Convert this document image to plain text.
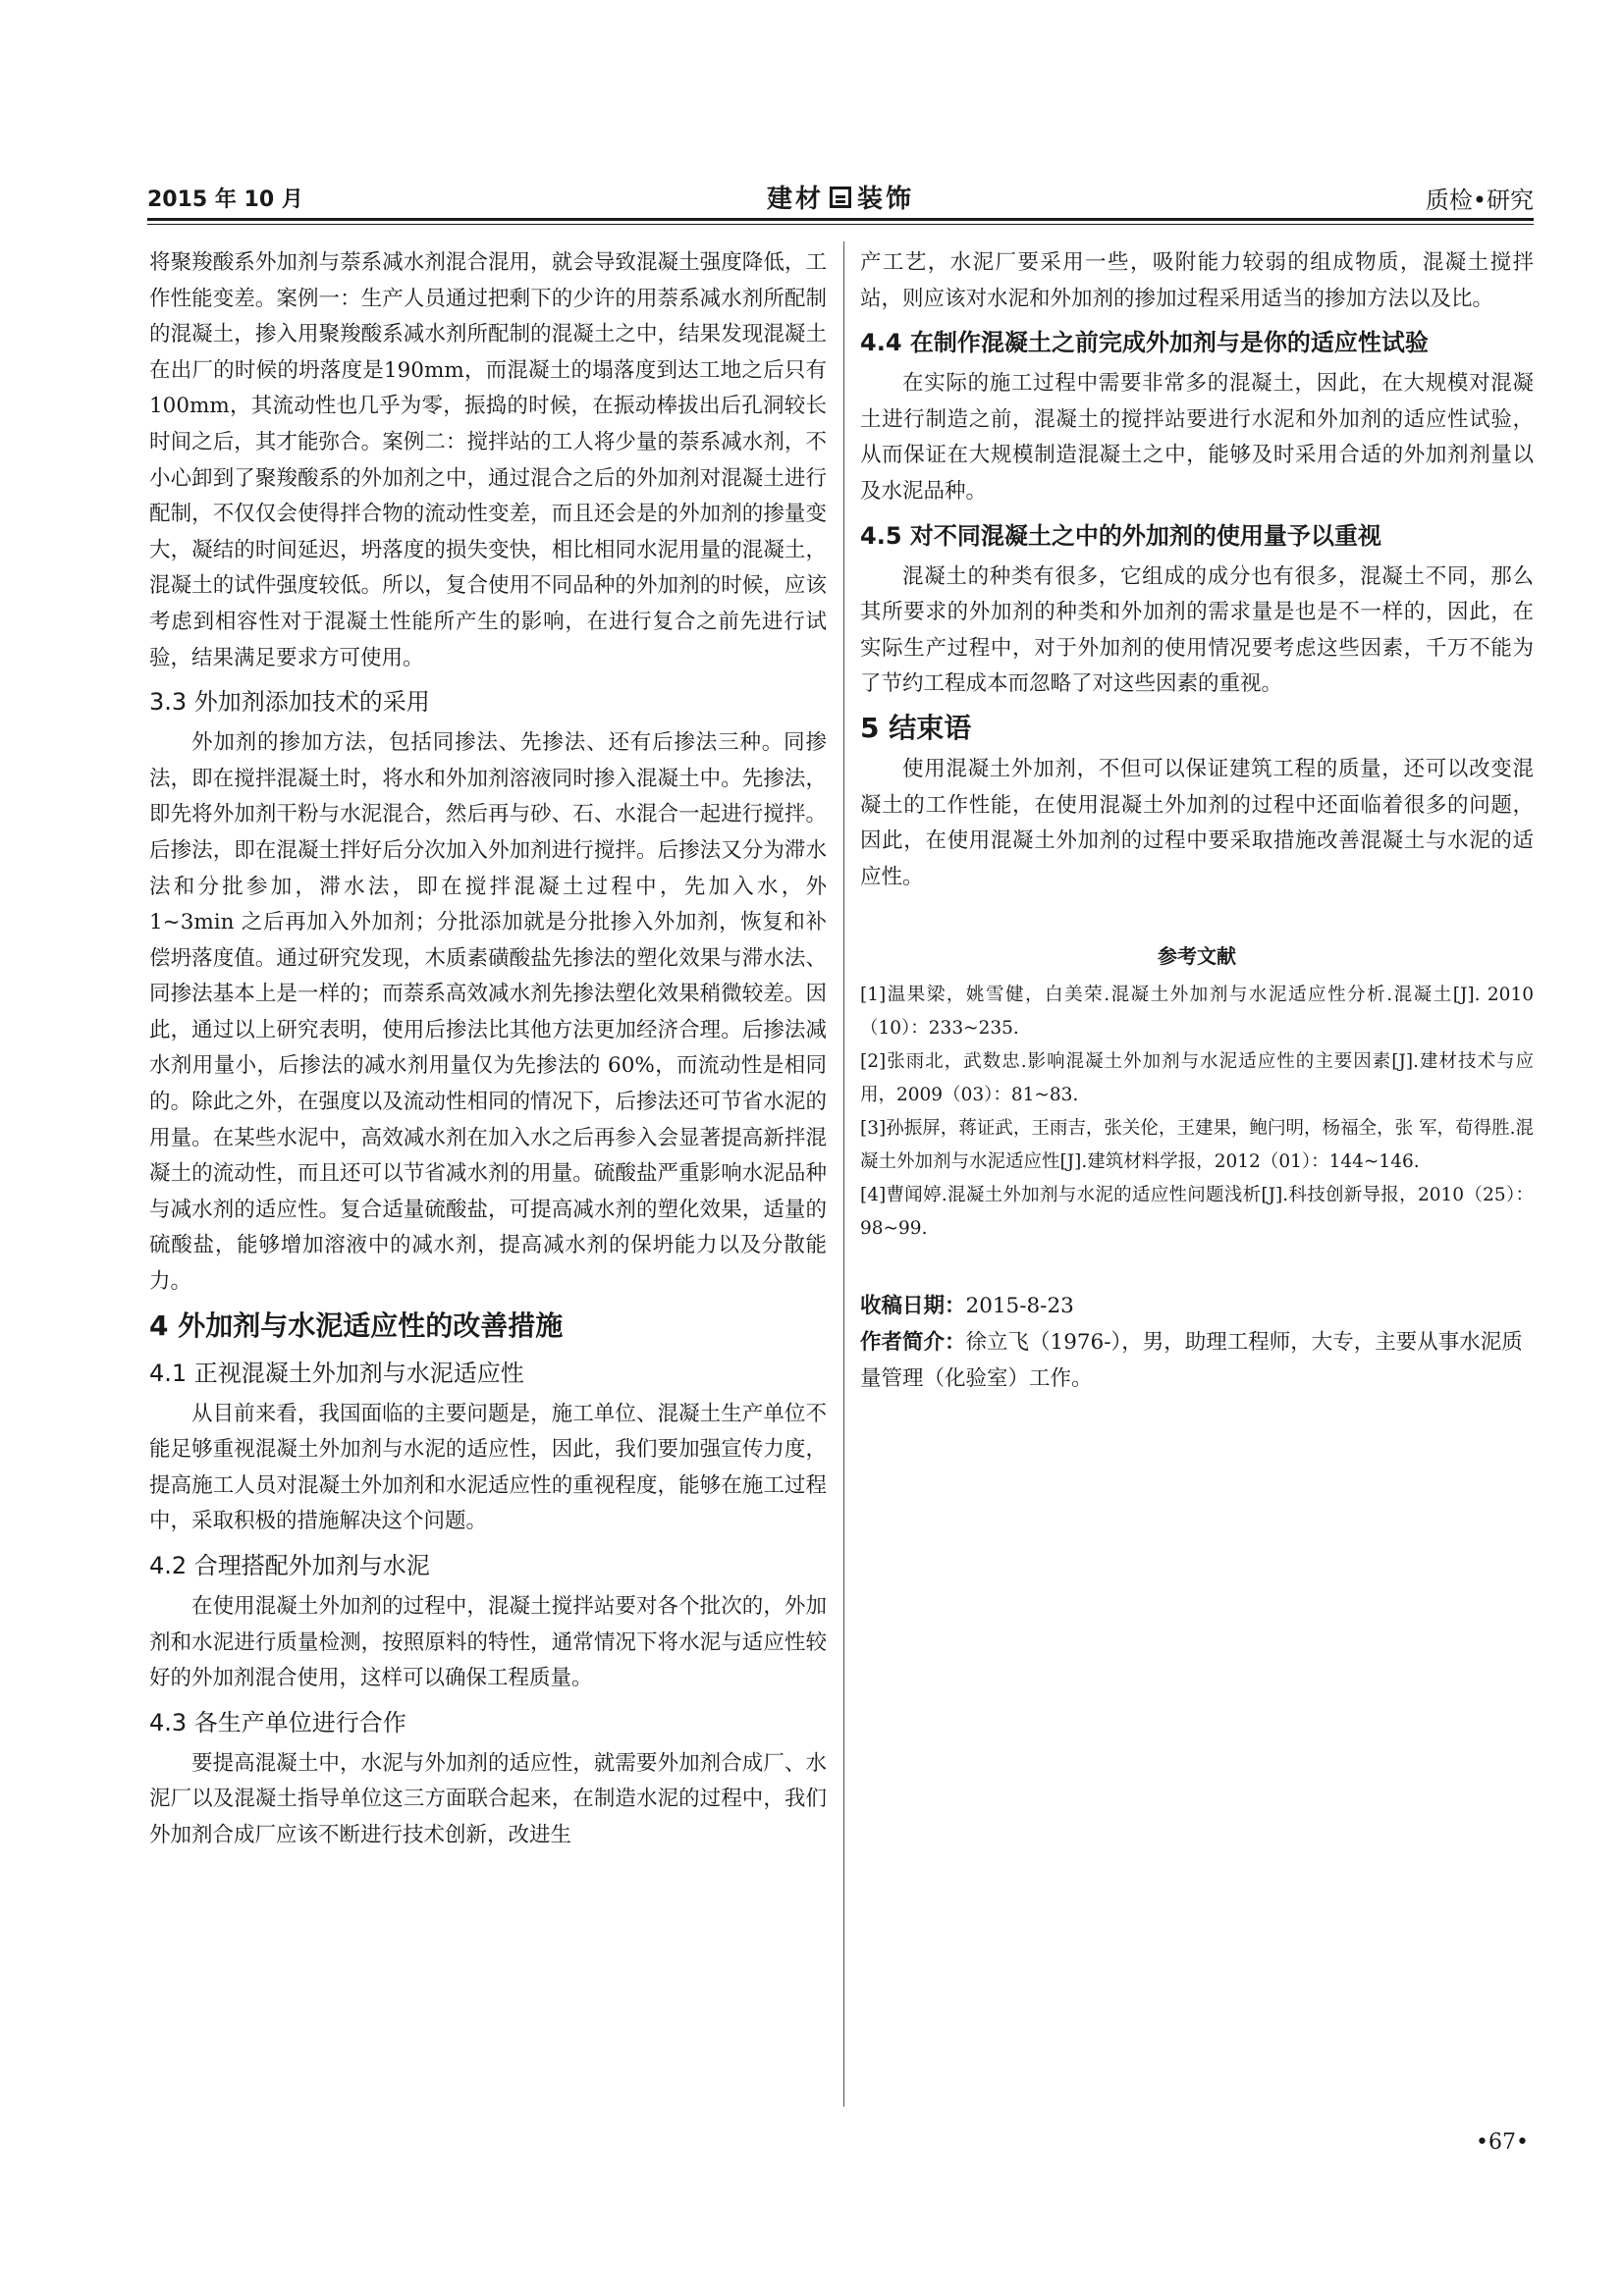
2015 年 10 月	建材 装饰	质检•研究

将聚羧酸系外加剂与萘系减水剂混合混用，就会导致混凝土强度降低，工作性能变差。案例一：生产人员通过把剩下的少许的用萘系减水剂所配制的混凝土，掺入用聚羧酸系减水剂所配制的混凝土之中，结果发现混凝土在出厂的时候的坍落度是190mm，而混凝土的塌落度到达工地之后只有100mm，其流动性也几乎为零，振捣的时候，在振动棒拔出后孔洞较长时间之后，其才能弥合。案例二：搅拌站的工人将少量的萘系减水剂，不小心卸到了聚羧酸系的外加剂之中，通过混合之后的外加剂对混凝土进行配制，不仅仅会使得拌合物的流动性变差，而且还会是的外加剂的掺量变大，凝结的时间延迟，坍落度的损失变快，相比相同水泥用量的混凝土，混凝土的试件强度较低。所以，复合使用不同品种的外加剂的时候，应该考虑到相容性对于混凝土性能所产生的影响，在进行复合之前先进行试验，结果满足要求方可使用。

3.3 外加剂添加技术的采用

外加剂的掺加方法，包括同掺法、先掺法、还有后掺法三种。同掺法，即在搅拌混凝土时，将水和外加剂溶液同时掺入混凝土中。先掺法，即先将外加剂干粉与水泥混合，然后再与砂、石、水混合一起进行搅拌。后掺法，即在混凝土拌好后分次加入外加剂进行搅拌。后掺法又分为滞水法和分批参加，滞水法，即在搅拌混凝土过程中，先加入水，外 1~3min 之后再加入外加剂；分批添加就是分批掺入外加剂，恢复和补偿坍落度值。通过研究发现，木质素磺酸盐先掺法的塑化效果与滞水法、同掺法基本上是一样的；而萘系高效减水剂先掺法塑化效果稍微较差。因此，通过以上研究表明，使用后掺法比其他方法更加经济合理。后掺法减水剂用量小，后掺法的减水剂用量仅为先掺法的 60%，而流动性是相同的。除此之外，在强度以及流动性相同的情况下，后掺法还可节省水泥的用量。在某些水泥中，高效减水剂在加入水之后再参入会显著提高新拌混凝土的流动性，而且还可以节省减水剂的用量。硫酸盐严重影响水泥品种与减水剂的适应性。复合适量硫酸盐，可提高减水剂的塑化效果，适量的硫酸盐，能够增加溶液中的减水剂，提高减水剂的保坍能力以及分散能力。

4 外加剂与水泥适应性的改善措施
4.1 正视混凝土外加剂与水泥适应性

从目前来看，我国面临的主要问题是，施工单位、混凝土生产单位不能足够重视混凝土外加剂与水泥的适应性，因此，我们要加强宣传力度，提高施工人员对混凝土外加剂和水泥适应性的重视程度，能够在施工过程中，采取积极的措施解决这个问题。

4.2 合理搭配外加剂与水泥

在使用混凝土外加剂的过程中，混凝土搅拌站要对各个批次的，外加剂和水泥进行质量检测，按照原料的特性，通常情况下将水泥与适应性较好的外加剂混合使用，这样可以确保工程质量。

4.3 各生产单位进行合作

要提高混凝土中，水泥与外加剂的适应性，就需要外加剂合成厂、水泥厂以及混凝土指导单位这三方面联合起来，在制造水泥的过程中，我们外加剂合成厂应该不断进行技术创新，改进生

产工艺，水泥厂要采用一些，吸附能力较弱的组成物质，混凝土搅拌站，则应该对水泥和外加剂的掺加过程采用适当的掺加方法以及比。

4.4 在制作混凝土之前完成外加剂与是你的适应性试验

在实际的施工过程中需要非常多的混凝土，因此，在大规模对混凝土进行制造之前，混凝土的搅拌站要进行水泥和外加剂的适应性试验，从而保证在大规模制造混凝土之中，能够及时采用合适的外加剂剂量以及水泥品种。

4.5 对不同混凝土之中的外加剂的使用量予以重视

混凝土的种类有很多，它组成的成分也有很多，混凝土不同，那么其所要求的外加剂的种类和外加剂的需求量是也是不一样的，因此，在实际生产过程中，对于外加剂的使用情况要考虑这些因素，千万不能为了节约工程成本而忽略了对这些因素的重视。

5 结束语

使用混凝土外加剂，不但可以保证建筑工程的质量，还可以改变混凝土的工作性能，在使用混凝土外加剂的过程中还面临着很多的问题，因此，在使用混凝土外加剂的过程中要采取措施改善混凝土与水泥的适应性。

参考文献

[1]温果梁，姚雪健，白美荣.混凝土外加剂与水泥适应性分析.混凝土[J]. 2010（10）：233~235.

[2]张雨北，武数忠.影响混凝土外加剂与水泥适应性的主要因素[J].建材技术与应用，2009（03）：81~83.

[3]孙振屏，蒋证武，王雨吉，张关伦，王建果，鲍闩明，杨福全，张 军，荀得胜.混凝土外加剂与水泥适应性[J].建筑材料学报，2012（01）：144~146.

[4]曹闻婷.混凝土外加剂与水泥的适应性问题浅析[J].科技创新导报，2010（25）：98~99.

收稿日期：2015-8-23
作者简介：徐立飞（1976-），男，助理工程师，大专，主要从事水泥质量管理（化验室）工作。
•67•
